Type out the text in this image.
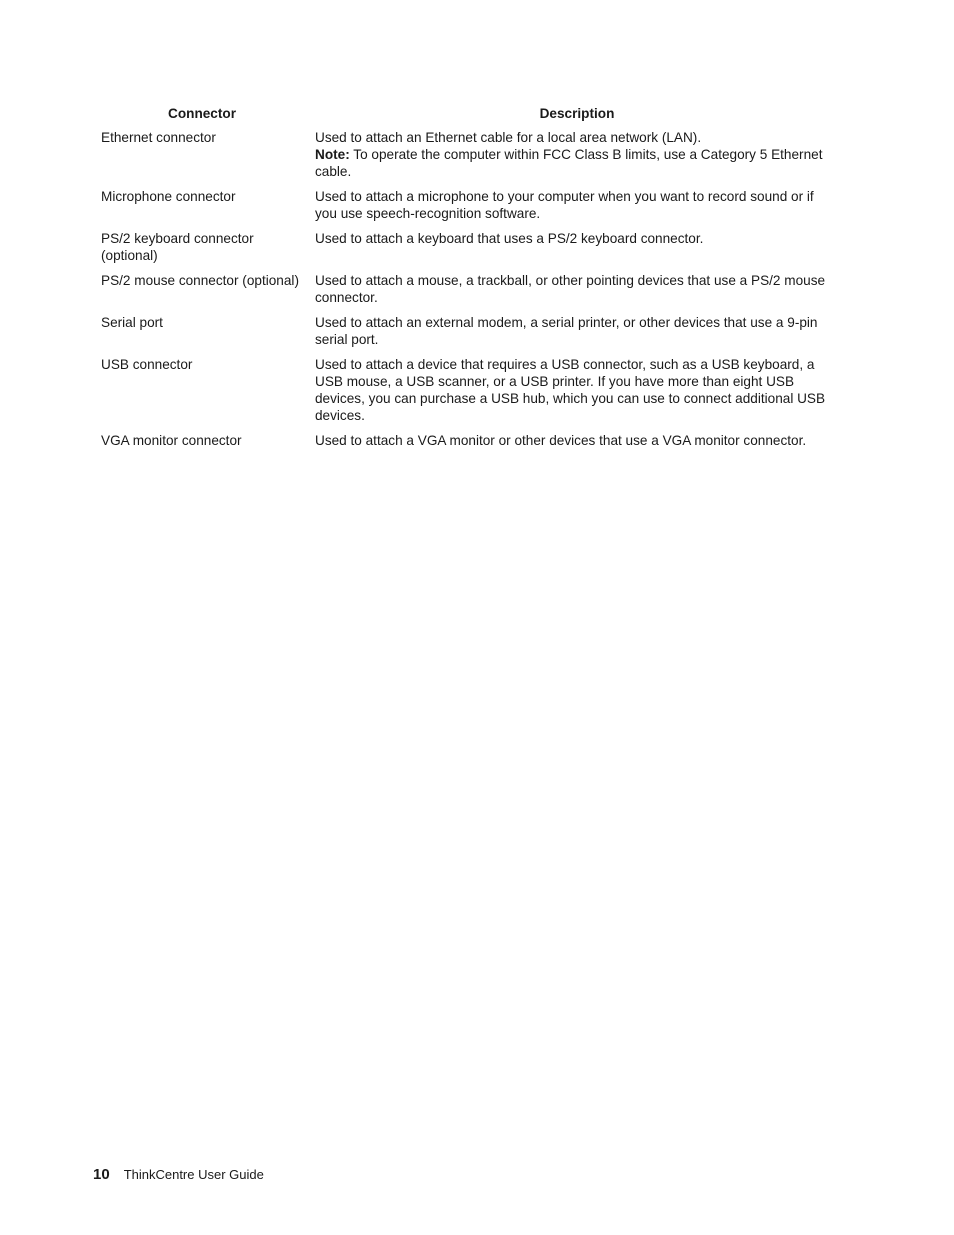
Connector	Description
Ethernet connector	Used to attach an Ethernet cable for a local area network (LAN).
Note: To operate the computer within FCC Class B limits, use a Category 5 Ethernet cable.

Microphone connector	Used to attach a microphone to your computer when you want to record sound or if you use speech-recognition software.
PS/2 keyboard connector (optional)	Used to attach a keyboard that uses a PS/2 keyboard connector.
PS/2 mouse connector (optional)	Used to attach a mouse, a trackball, or other pointing devices that use a PS/2 mouse connector.
Serial port	Used to attach an external modem, a serial printer, or other devices that use a 9-pin serial port.
USB connector	Used to attach a device that requires a USB connector, such as a USB keyboard, a USB mouse, a USB scanner, or a USB printer. If you have more than eight USB devices, you can purchase a USB hub, which you can use to connect additional USB devices.
VGA monitor connector	Used to attach a VGA monitor or other devices that use a VGA monitor connector.
10 ThinkCentre User Guide
